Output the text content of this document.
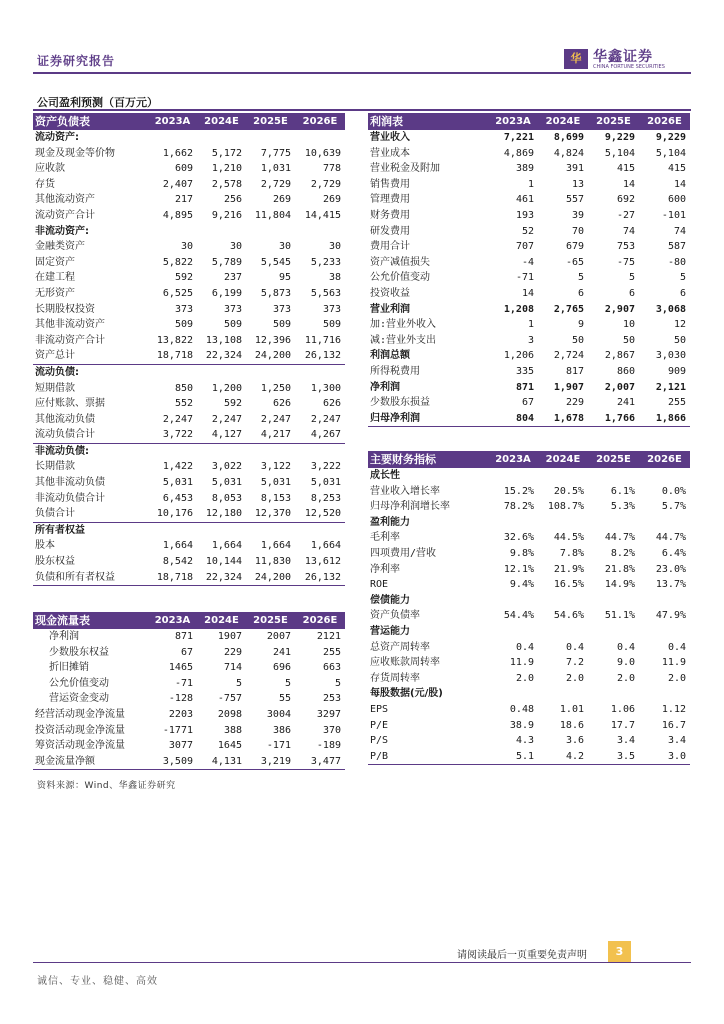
证券研究报告	华 华鑫证券
CHINA FORTUNE SECURITIES
公司盈利预测（百万元）
资产负债表	2023A	2024E	2025E	2026E
流动资产:				
现金及现金等价物	1,662	5,172	7,775	10,639
应收款	609	1,210	1,031	778
存货	2,407	2,578	2,729	2,729
其他流动资产	217	256	269	269
流动资产合计	4,895	9,216	11,804	14,415
非流动资产:				
金融类资产	30	30	30	30
固定资产	5,822	5,789	5,545	5,233
在建工程	592	237	95	38
无形资产	6,525	6,199	5,873	5,563
长期股权投资	373	373	373	373
其他非流动资产	509	509	509	509
非流动资产合计	13,822	13,108	12,396	11,716
资产总计	18,718	22,324	24,200	26,132
流动负债:				
短期借款	850	1,200	1,250	1,300
应付账款、票据	552	592	626	626
其他流动负债	2,247	2,247	2,247	2,247
流动负债合计	3,722	4,127	4,217	4,267
非流动负债:				
长期借款	1,422	3,022	3,122	3,222
其他非流动负债	5,031	5,031	5,031	5,031
非流动负债合计	6,453	8,053	8,153	8,253
负债合计	10,176	12,180	12,370	12,520
所有者权益				
股本	1,664	1,664	1,664	1,664
股东权益	8,542	10,144	11,830	13,612
负债和所有者权益	18,718	22,324	24,200	26,132
利润表	2023A	2024E	2025E	2026E
营业收入	7,221	8,699	9,229	9,229
营业成本	4,869	4,824	5,104	5,104
营业税金及附加	389	391	415	415
销售费用	1	13	14	14
管理费用	461	557	692	600
财务费用	193	39	-27	-101
研发费用	52	70	74	74
费用合计	707	679	753	587
资产减值损失	-4	-65	-75	-80
公允价值变动	-71	5	5	5
投资收益	14	6	6	6
营业利润	1,208	2,765	2,907	3,068
加:营业外收入	1	9	10	12
减:营业外支出	3	50	50	50
利润总额	1,206	2,724	2,867	3,030
所得税费用	335	817	860	909
净利润	871	1,907	2,007	2,121
少数股东损益	67	229	241	255
归母净利润	804	1,678	1,766	1,866
主要财务指标	2023A	2024E	2025E	2026E
成长性				
营业收入增长率	15.2%	20.5%	6.1%	0.0%
归母净利润增长率	78.2%	108.7%	5.3%	5.7%
盈利能力				
毛利率	32.6%	44.5%	44.7%	44.7%
四项费用/营收	9.8%	7.8%	8.2%	6.4%
净利率	12.1%	21.9%	21.8%	23.0%
ROE	9.4%	16.5%	14.9%	13.7%
偿债能力				
资产负债率	54.4%	54.6%	51.1%	47.9%
营运能力				
总资产周转率	0.4	0.4	0.4	0.4
应收账款周转率	11.9	7.2	9.0	11.9
存货周转率	2.0	2.0	2.0	2.0
每股数据(元/股)				
EPS	0.48	1.01	1.06	1.12
P/E	38.9	18.6	17.7	16.7
P/S	4.3	3.6	3.4	3.4
P/B	5.1	4.2	3.5	3.0
现金流量表	2023A	2024E	2025E	2026E
净利润	871	1907	2007	2121
少数股东权益	67	229	241	255
折旧摊销	1465	714	696	663
公允价值变动	-71	5	5	5
营运资金变动	-128	-757	55	253
经营活动现金净流量	2203	2098	3004	3297
投资活动现金净流量	-1771	388	386	370
筹资活动现金净流量	3077	1645	-171	-189
现金流量净额	3,509	4,131	3,219	3,477
资料来源：Wind、华鑫证券研究
请阅读最后一页重要免责声明	3
诚信、专业、稳健、高效
